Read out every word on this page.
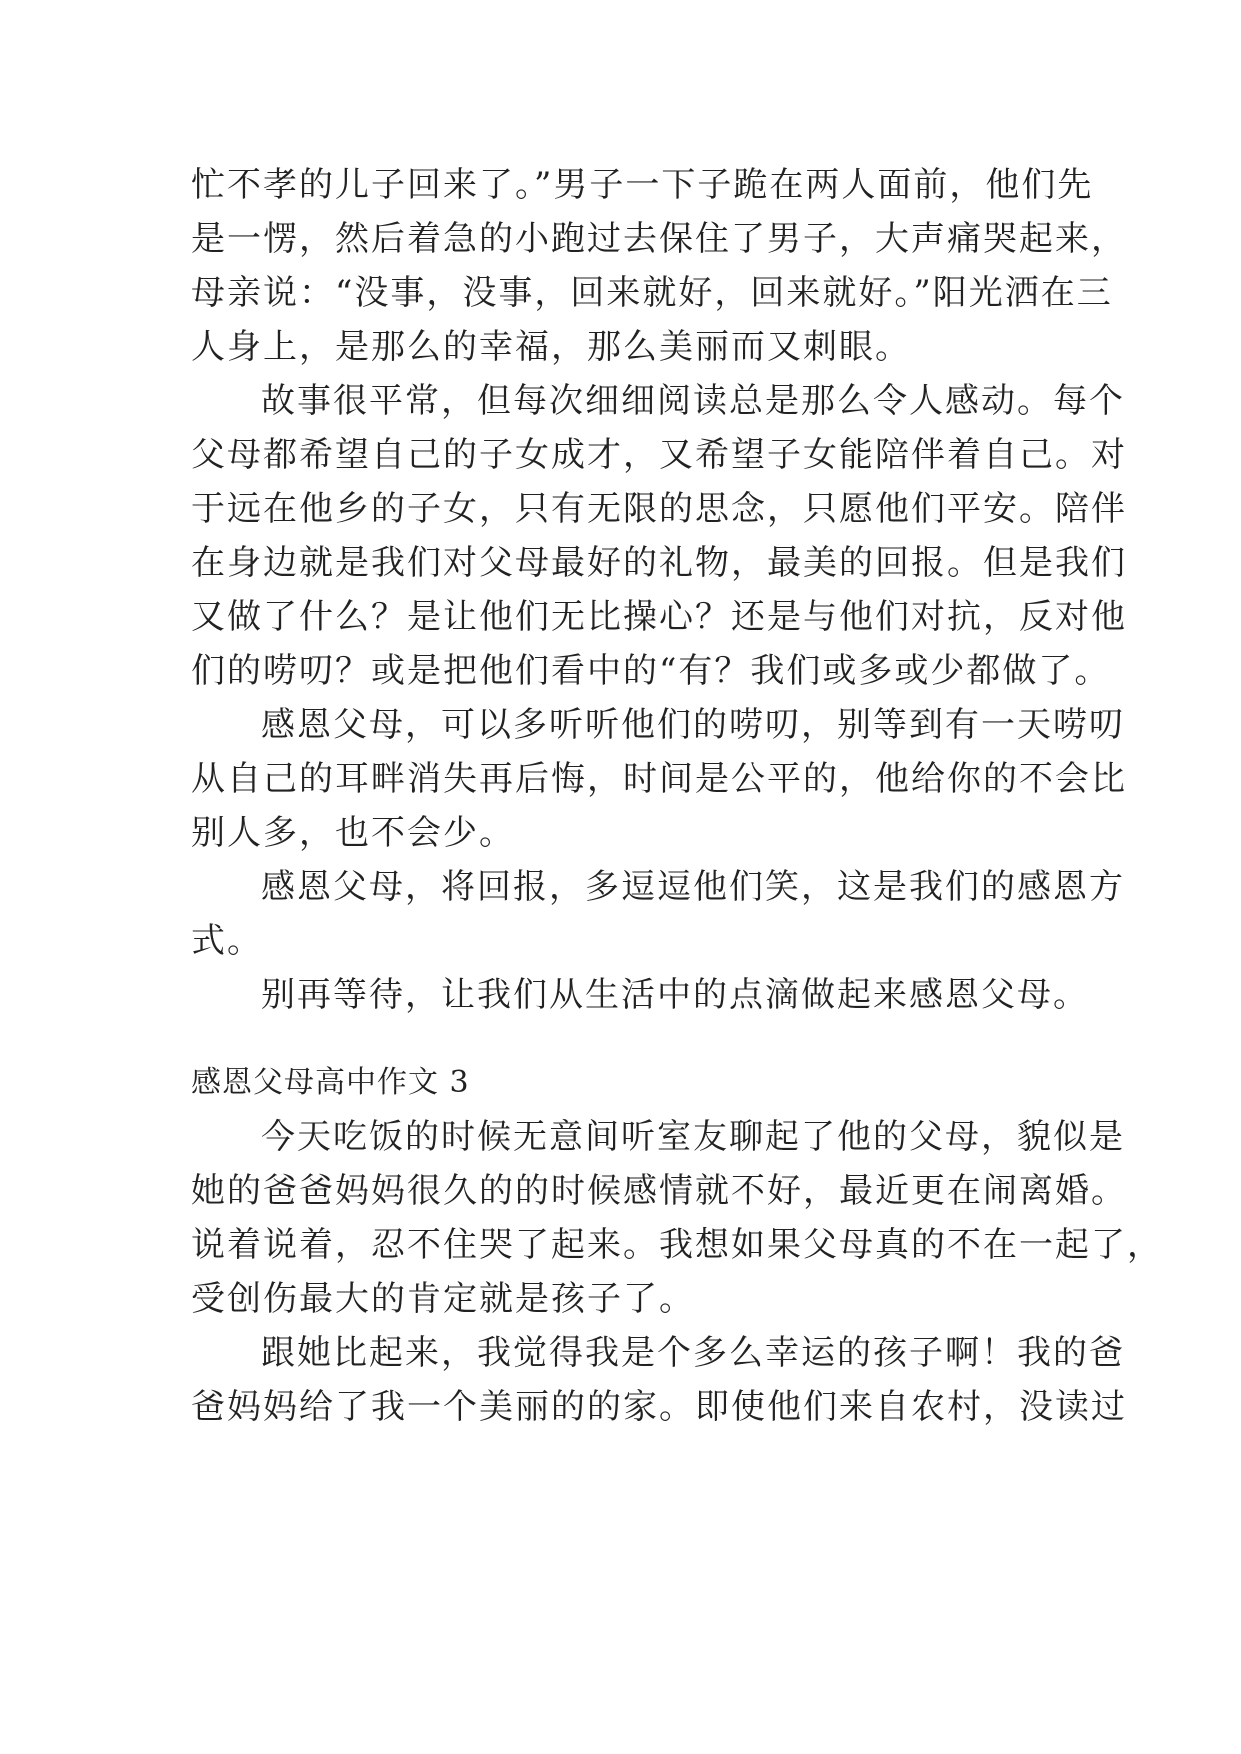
忙不孝的儿子回来了。”男子一下子跪在两人面前，他们先
是一愣，然后着急的小跑过去保住了男子，大声痛哭起来，
母亲说：“没事，没事，回来就好，回来就好。”阳光洒在三
人身上，是那么的幸福，那么美丽而又刺眼。
故事很平常，但每次细细阅读总是那么令人感动。每个
父母都希望自己的子女成才，又希望子女能陪伴着自己。对
于远在他乡的子女，只有无限的思念，只愿他们平安。陪伴
在身边就是我们对父母最好的礼物，最美的回报。但是我们
又做了什么？是让他们无比操心？还是与他们对抗，反对他
们的唠叨？或是把他们看中的“有？我们或多或少都做了。
感恩父母，可以多听听他们的唠叨，别等到有一天唠叨
从自己的耳畔消失再后悔，时间是公平的，他给你的不会比
别人多，也不会少。
感恩父母，将回报，多逗逗他们笑，这是我们的感恩方
式。
别再等待，让我们从生活中的点滴做起来感恩父母。
感恩父母高中作文 3
今天吃饭的时候无意间听室友聊起了他的父母，貌似是
她的爸爸妈妈很久的的时候感情就不好，最近更在闹离婚。
说着说着，忍不住哭了起来。我想如果父母真的不在一起了，
受创伤最大的肯定就是孩子了。
跟她比起来，我觉得我是个多么幸运的孩子啊！我的爸
爸妈妈给了我一个美丽的的家。即使他们来自农村，没读过
